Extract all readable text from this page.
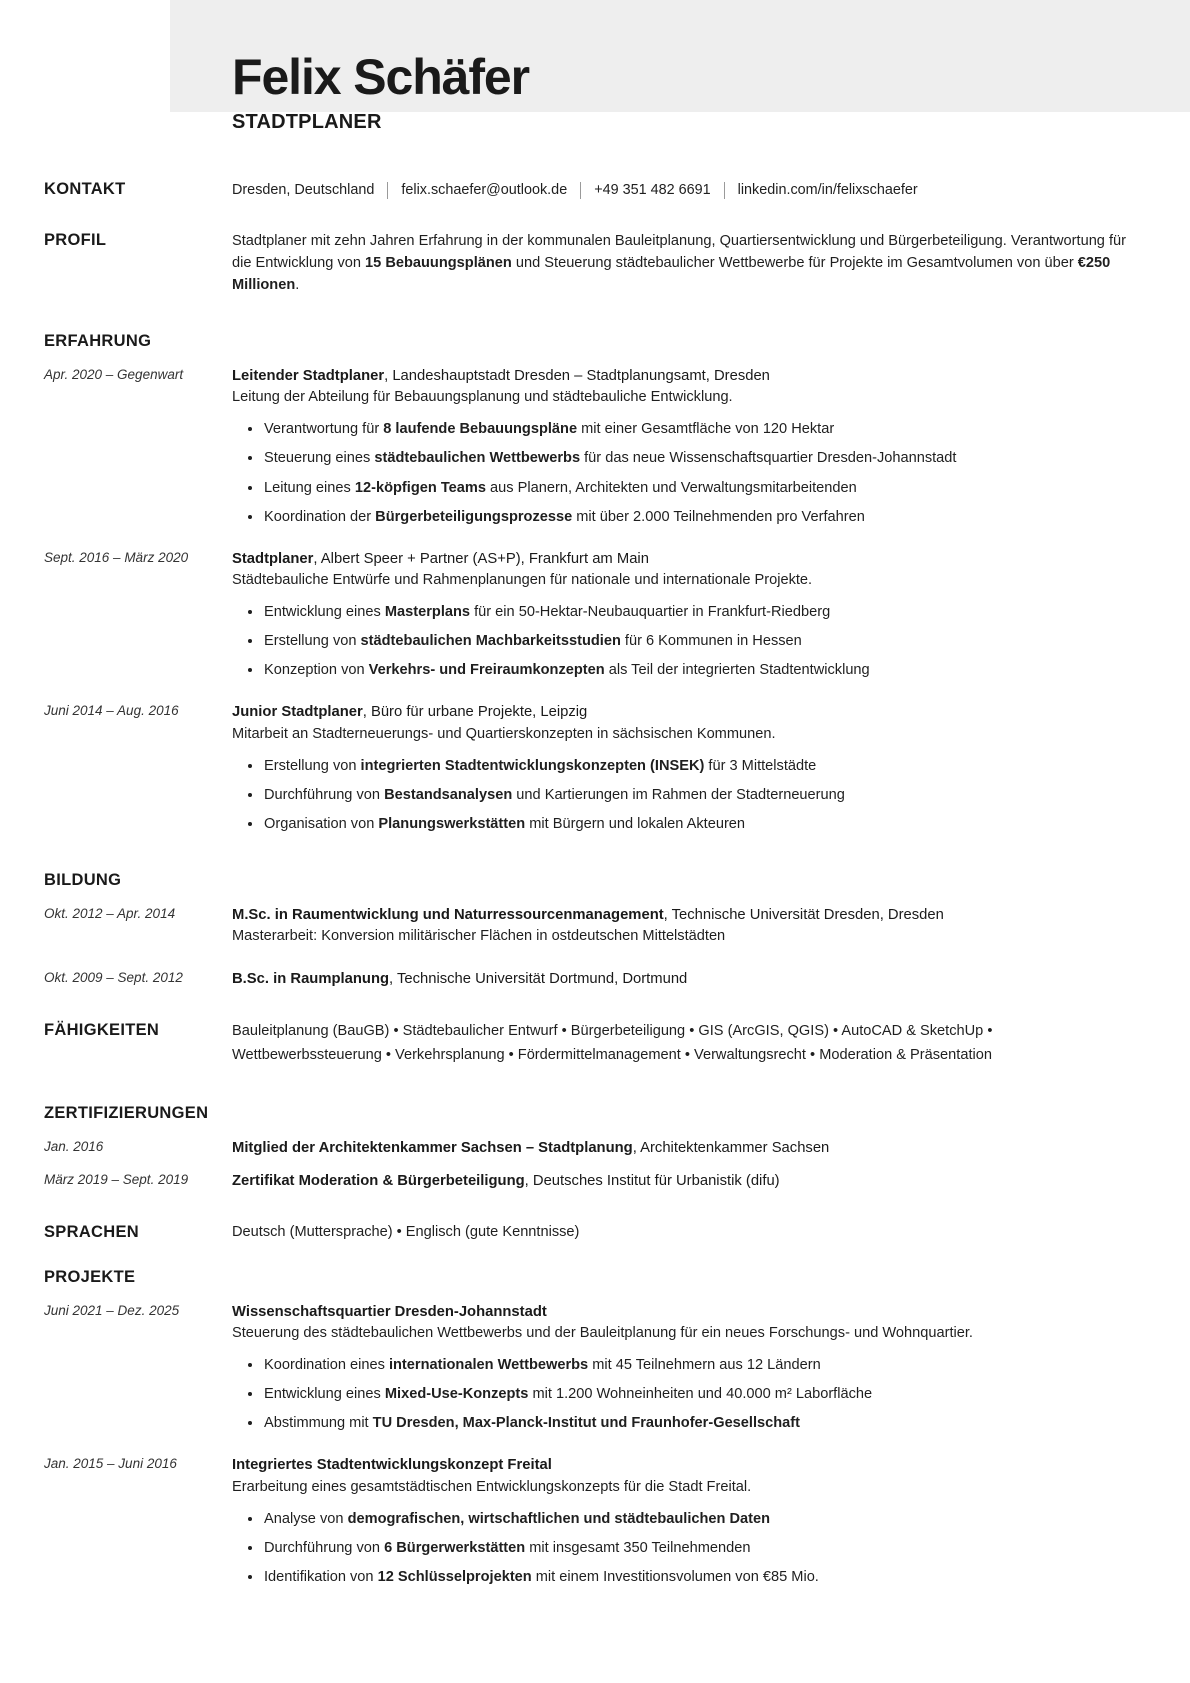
Felix Schäfer
STADTPLANER
KONTAKT	Dresden, Deutschland felix.schaefer@outlook.de +49 351 482 6691 linkedin.com/in/felixschaefer
PROFIL	Stadtplaner mit zehn Jahren Erfahrung in der kommunalen Bauleitplanung, Quartiersentwicklung und Bürgerbeteiligung. Verantwortung für die Entwicklung von 15 Bebauungsplänen und Steuerung städtebaulicher Wettbewerbe für Projekte im Gesamtvolumen von über €250 Millionen.
ERFAHRUNG
Apr. 2020 – Gegenwart	Leitender Stadtplaner, Landeshauptstadt Dresden – Stadtplanungsamt, Dresden
Leitung der Abteilung für Bebauungsplanung und städtebauliche Entwicklung.
Verantwortung für 8 laufende Bebauungspläne mit einer Gesamtfläche von 120 Hektar
Steuerung eines städtebaulichen Wettbewerbs für das neue Wissenschaftsquartier Dresden-Johannstadt
Leitung eines 12-köpfigen Teams aus Planern, Architekten und Verwaltungsmitarbeitenden
Koordination der Bürgerbeteiligungsprozesse mit über 2.000 Teilnehmenden pro Verfahren
Sept. 2016 – März 2020	Stadtplaner, Albert Speer + Partner (AS+P), Frankfurt am Main
Städtebauliche Entwürfe und Rahmenplanungen für nationale und internationale Projekte.
Entwicklung eines Masterplans für ein 50-Hektar-Neubauquartier in Frankfurt-Riedberg
Erstellung von städtebaulichen Machbarkeitsstudien für 6 Kommunen in Hessen
Konzeption von Verkehrs- und Freiraumkonzepten als Teil der integrierten Stadtentwicklung
Juni 2014 – Aug. 2016	Junior Stadtplaner, Büro für urbane Projekte, Leipzig
Mitarbeit an Stadterneuerungs- und Quartierskonzepten in sächsischen Kommunen.
Erstellung von integrierten Stadtentwicklungskonzepten (INSEK) für 3 Mittelstädte
Durchführung von Bestandsanalysen und Kartierungen im Rahmen der Stadterneuerung
Organisation von Planungswerkstätten mit Bürgern und lokalen Akteuren
BILDUNG
Okt. 2012 – Apr. 2014	M.Sc. in Raumentwicklung und Naturressourcenmanagement, Technische Universität Dresden, Dresden
Masterarbeit: Konversion militärischer Flächen in ostdeutschen Mittelstädten
Okt. 2009 – Sept. 2012	B.Sc. in Raumplanung, Technische Universität Dortmund, Dortmund
FÄHIGKEITEN	Bauleitplanung (BauGB) • Städtebaulicher Entwurf • Bürgerbeteiligung • GIS (ArcGIS, QGIS) • AutoCAD & SketchUp • Wettbewerbssteuerung • Verkehrsplanung • Fördermittelmanagement • Verwaltungsrecht • Moderation & Präsentation
ZERTIFIZIERUNGEN
Jan. 2016	Mitglied der Architektenkammer Sachsen – Stadtplanung, Architektenkammer Sachsen
März 2019 – Sept. 2019	Zertifikat Moderation & Bürgerbeteiligung, Deutsches Institut für Urbanistik (difu)
SPRACHEN	Deutsch (Muttersprache) • Englisch (gute Kenntnisse)
PROJEKTE
Juni 2021 – Dez. 2025	Wissenschaftsquartier Dresden-Johannstadt
Steuerung des städtebaulichen Wettbewerbs und der Bauleitplanung für ein neues Forschungs- und Wohnquartier.
Koordination eines internationalen Wettbewerbs mit 45 Teilnehmern aus 12 Ländern
Entwicklung eines Mixed-Use-Konzepts mit 1.200 Wohneinheiten und 40.000 m² Laborfläche
Abstimmung mit TU Dresden, Max-Planck-Institut und Fraunhofer-Gesellschaft
Jan. 2015 – Juni 2016	Integriertes Stadtentwicklungskonzept Freital
Erarbeitung eines gesamtstädtischen Entwicklungskonzepts für die Stadt Freital.
Analyse von demografischen, wirtschaftlichen und städtebaulichen Daten
Durchführung von 6 Bürgerwerkstätten mit insgesamt 350 Teilnehmenden
Identifikation von 12 Schlüsselprojekten mit einem Investitionsvolumen von €85 Mio.
